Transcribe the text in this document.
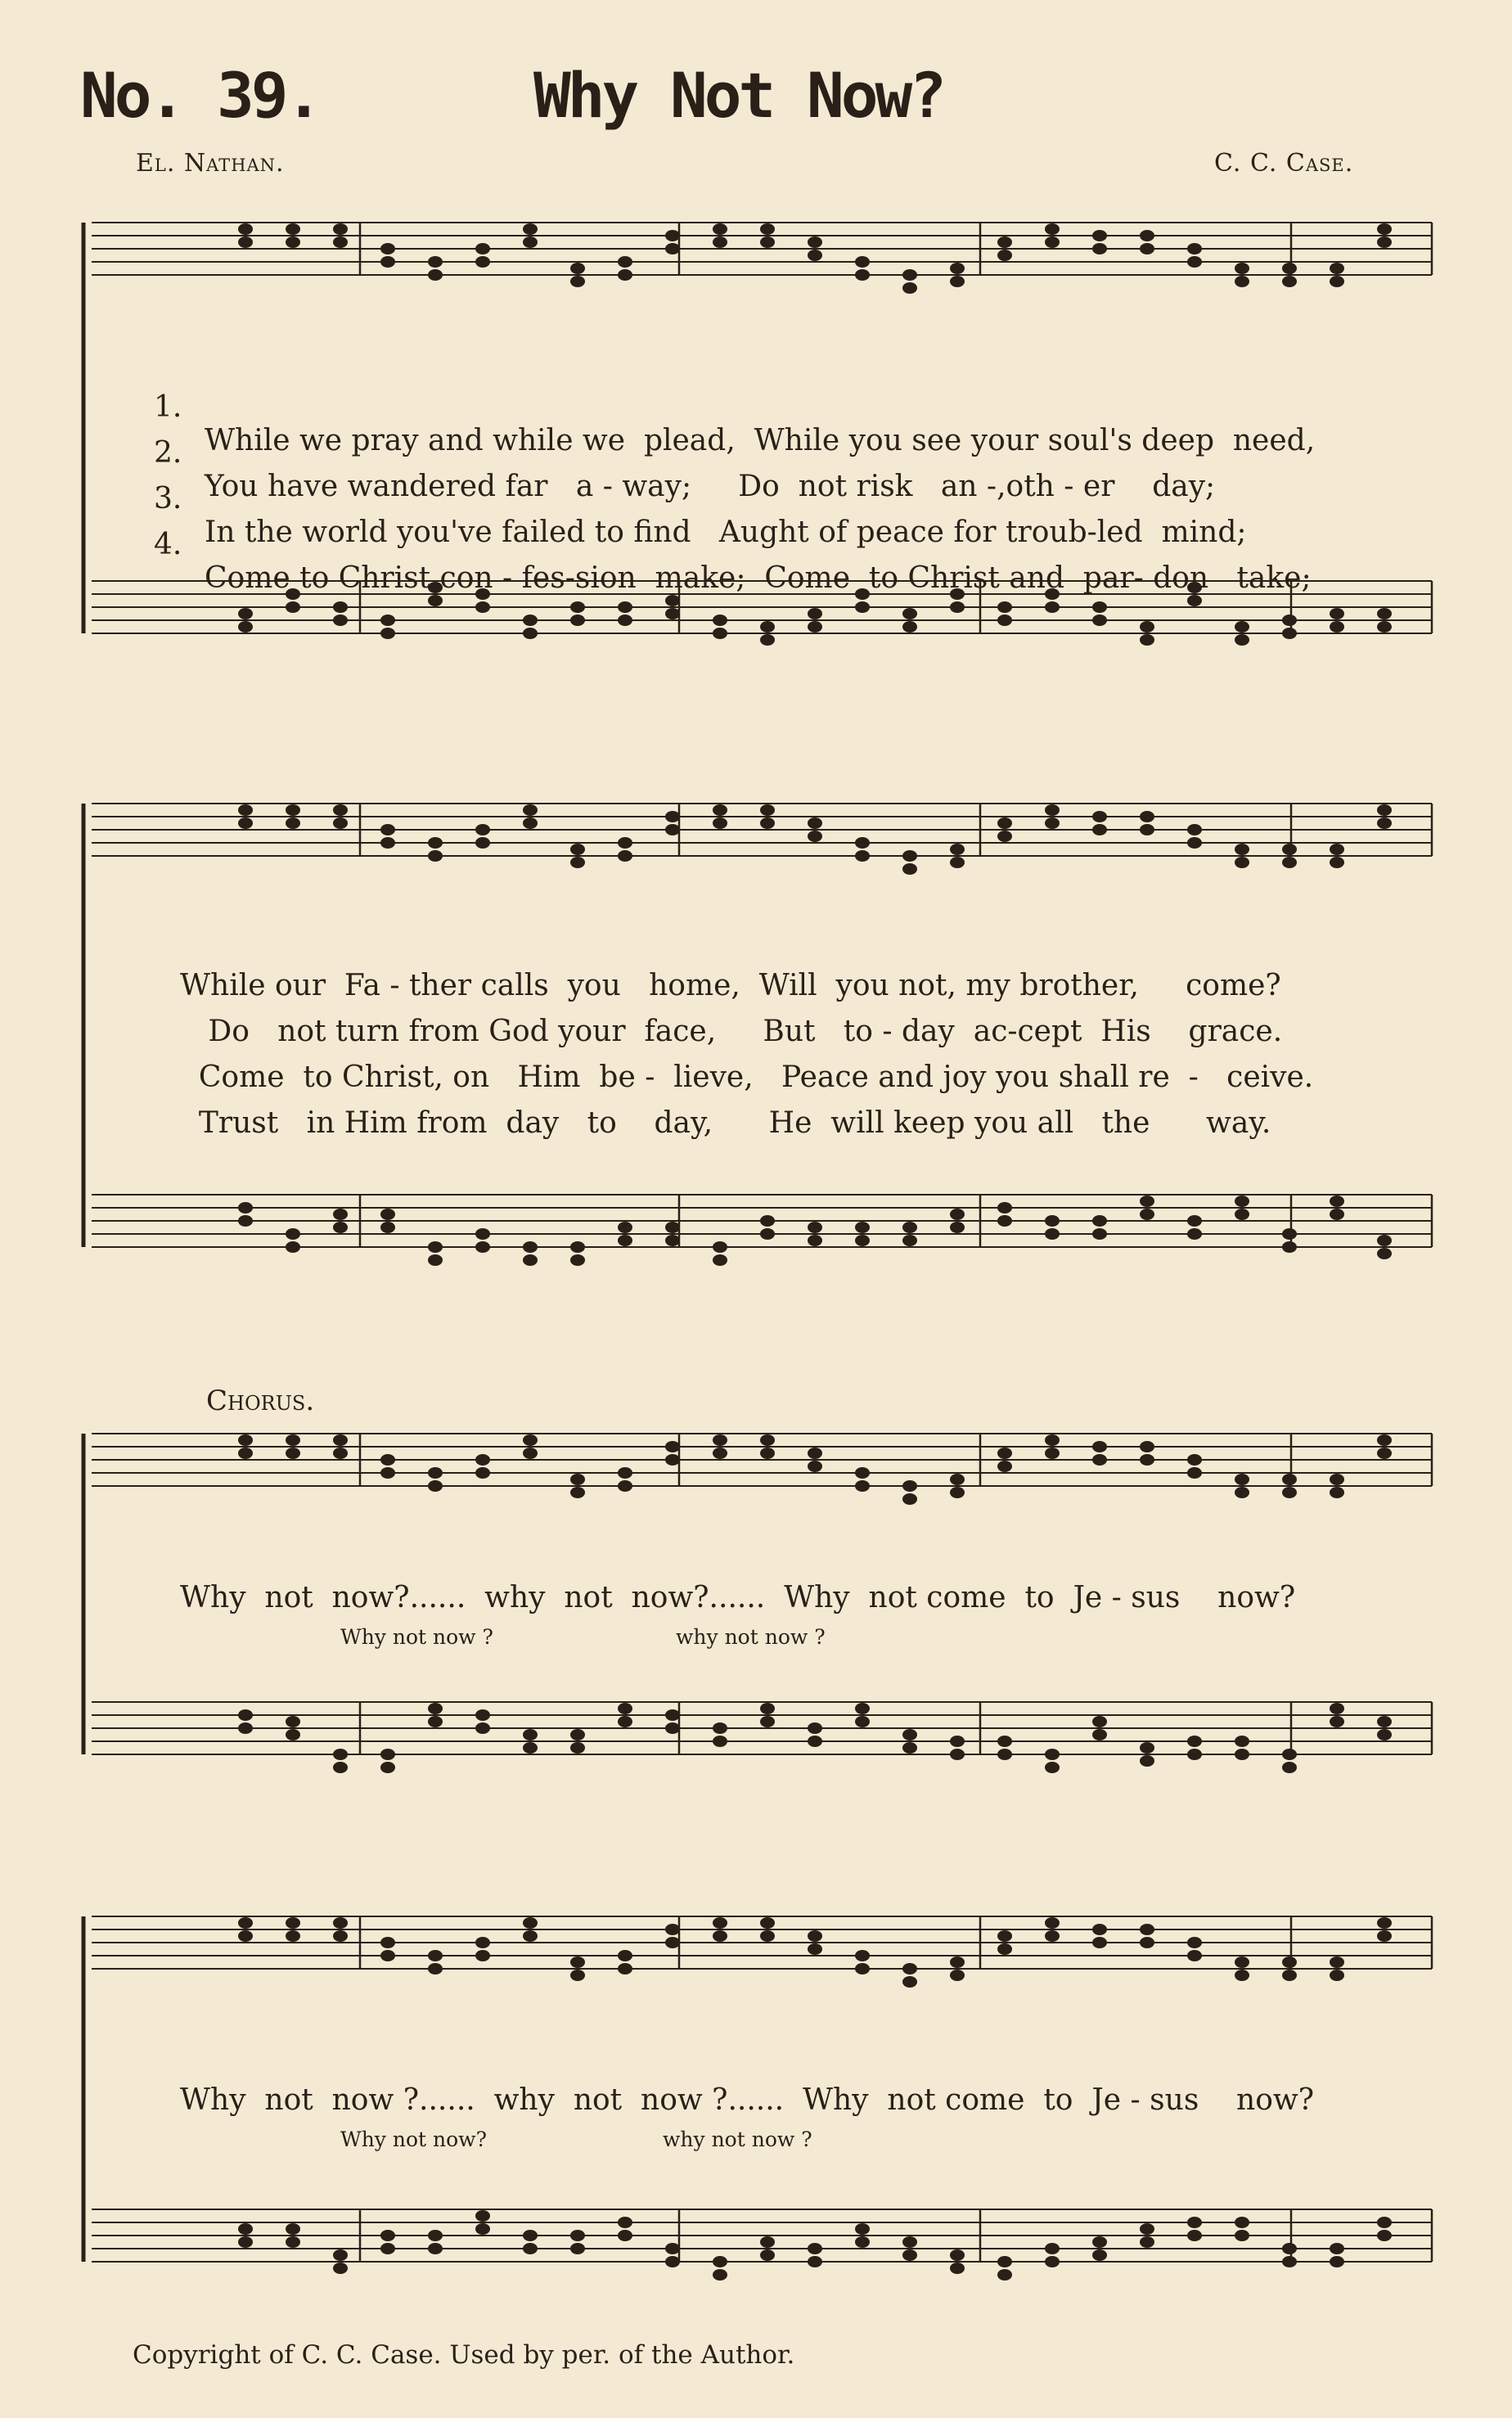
No. 39.	Why Not Now?
El. Nathan.	C. C. Case.

1.

While we pray and while we  plead,  While you see your soul's deep  need,

2.

You have wandered far   a - way;     Do  not risk   an -,oth - er    day;

3.

In the world you've failed to find   Aught of peace for troub-led  mind;

4.

Come to Christ,con - fes-sion  make;  Come  to Christ and  par- don   take;

While our  Fa - ther calls  you   home,  Will  you not, my brother,     come?
Do   not turn from God your  face,     But   to - day  ac-cept  His    grace.
Come  to Christ, on   Him  be -  lieve,   Peace and joy you shall re  -   ceive.
Trust   in Him from  day   to    day,      He  will keep you all   the      way.
Chorus.
Why  not  now?......  why  not  now?......  Why  not come  to  Je - sus    now?
Why not now ?	why not now ?
Why  not  now ?......  why  not  now ?......  Why  not come  to  Je - sus    now?
Why not now?	why not now ?
Copyright of C. C. Case. Used by per. of the Author.
